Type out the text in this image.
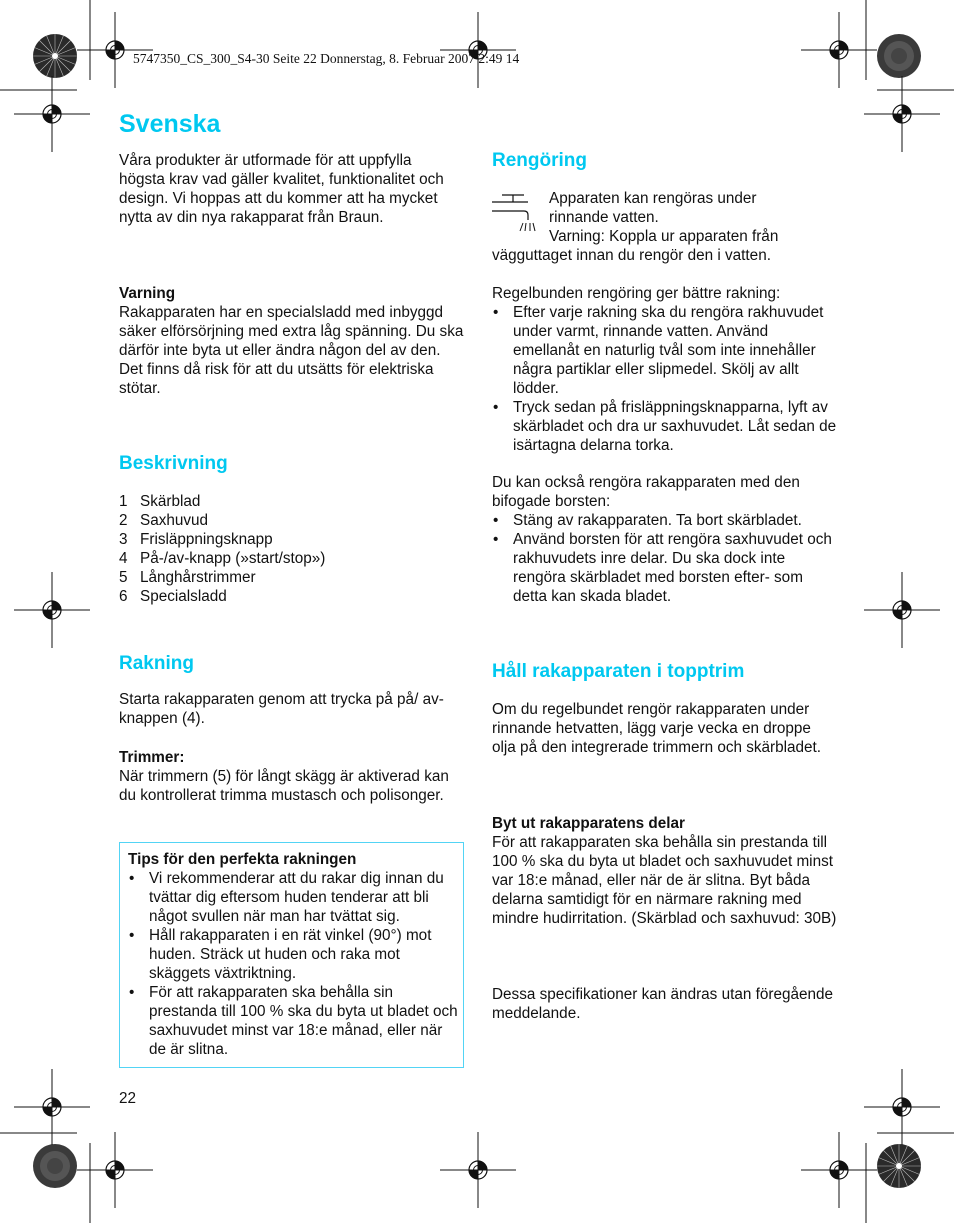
5747350_CS_300_S4-30 Seite 22 Donnerstag, 8. Februar 2007 2:49 14
Svenska

Våra produkter är utformade för att uppfylla högsta krav vad gäller kvalitet, funktionalitet och design. Vi hoppas att du kommer att ha mycket nytta av din nya rakapparat från Braun.

Varning

Rakapparaten har en specialsladd med inbyggd säker elförsörjning med extra låg spänning. Du ska därför inte byta ut eller ändra någon del av den. Det finns då risk för att du utsätts för elektriska stötar.

Beskrivning
1 Skärblad
2 Saxhuvud
3 Frisläppningsknapp
4 På-/av-knapp (»start/stop»)
5 Långhårstrimmer
6 Specialsladd
Rakning

Starta rakapparaten genom att trycka på på/ av-knappen (4).

Trimmer:

När trimmern (5) för långt skägg är aktiverad kan du kontrollerat trimma mustasch och polisonger.

Tips för den perfekta rakningen
• Vi rekommenderar att du rakar dig innan du tvättar dig eftersom huden tenderar att bli något svullen när man har tvättat sig.
• Håll rakapparaten i en rät vinkel (90°) mot huden. Sträck ut huden och raka mot skäggets växtriktning.
• För att rakapparaten ska behålla sin prestanda till 100 % ska du byta ut bladet och saxhuvudet minst var 18:e månad, eller när de är slitna.

22

Rengöring

Apparaten kan rengöras under rinnande vatten.

Varning: Koppla ur apparaten från vägguttaget innan du rengör den i vatten.

Regelbunden rengöring ger bättre rakning:

• Efter varje rakning ska du rengöra rakhuvudet under varmt, rinnande vatten. Använd emellanåt en naturlig tvål som inte innehåller några partiklar eller slipmedel. Skölj av allt lödder.
• Tryck sedan på frisläppningsknapparna, lyft av skärbladet och dra ur saxhuvudet. Låt sedan de isärtagna delarna torka.

Du kan också rengöra rakapparaten med den bifogade borsten:

• Stäng av rakapparaten. Ta bort skärbladet.
• Använd borsten för att rengöra saxhuvudet och rakhuvudets inre delar. Du ska dock inte rengöra skärbladet med borsten efter- som detta kan skada bladet.
Håll rakapparaten i topptrim

Om du regelbundet rengör rakapparaten under rinnande hetvatten, lägg varje vecka en droppe olja på den integrerade trimmern och skärbladet.

Byt ut rakapparatens delar

För att rakapparaten ska behålla sin prestanda till 100 % ska du byta ut bladet och saxhuvudet minst var 18:e månad, eller när de är slitna. Byt båda delarna samtidigt för en närmare rakning med mindre hudirritation. (Skärblad och saxhuvud: 30B)

Dessa specifikationer kan ändras utan föregående meddelande.
